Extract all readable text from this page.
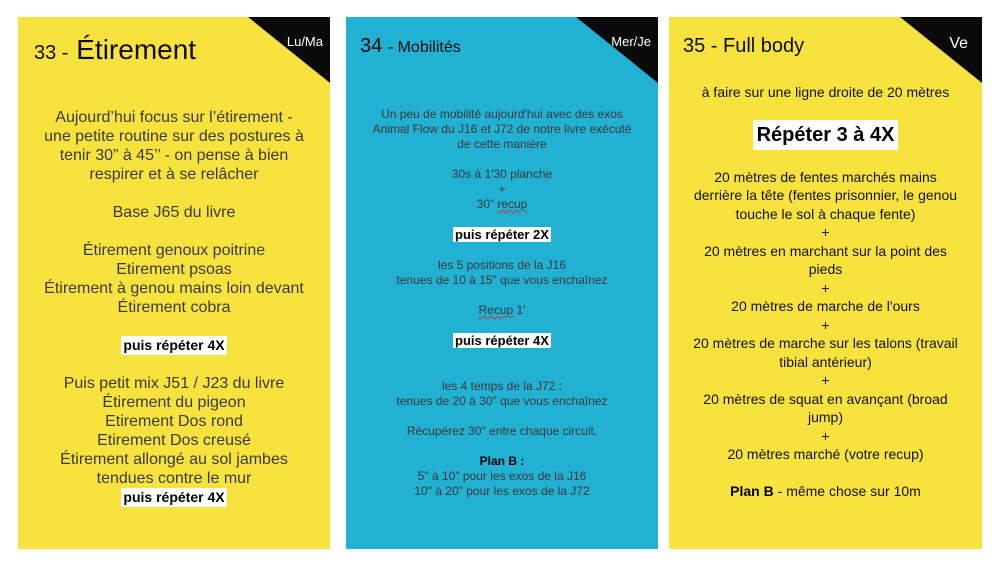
Lu/Ma
33 - Étirement
Aujourd’hui focus sur l’étirement -
une petite routine sur des postures à
tenir 30” à 45’’ - on pense à bien
respirer et à se relâcher
Base J65 du livre
Étirement genoux poitrine
Etirement psoas
Étirement à genou mains loin devant
Étirement cobra
puis répéter 4X
Puis petit mix J51 / J23 du livre
Étirement du pigeon
Etirement Dos rond
Etirement Dos creusé
Étirement allongé au sol jambes
tendues contre le mur
puis répéter 4X
Mer/Je
34 - Mobilités
Un peu de mobilité aujourd'hui avec des exos
Animal Flow du J16 et J72 de notre livre exécuté
de cette manière
30s à 1'30 planche
+
30” recup
puis répéter 2X
les 5 positions de la J16
tenues de 10 à 15" que vous enchaînez
Recup 1'
puis répéter 4X
les 4 temps de la J72 :
tenues de 20 à 30" que vous enchaînez
Récupérez 30" entre chaque circuit.
Plan B :
5" à 10" pour les exos de la J16
10" à 20" pour les exos de la J72
Ve
35 - Full body
à faire sur une ligne droite de 20 mètres
Répéter 3 à 4X
20 mètres de fentes marchés mains
derrière la tête (fentes prisonnier, le genou
touche le sol à chaque fente)
+
20 mètres en marchant sur la point des
pieds
+
20 mètres de marche de l'ours
+
20 mètres de marche sur les talons (travail
tibial antérieur)
+
20 mètres de squat en avançant (broad
jump)
+
20 mètres marché (votre recup)
Plan B - même chose sur 10m
